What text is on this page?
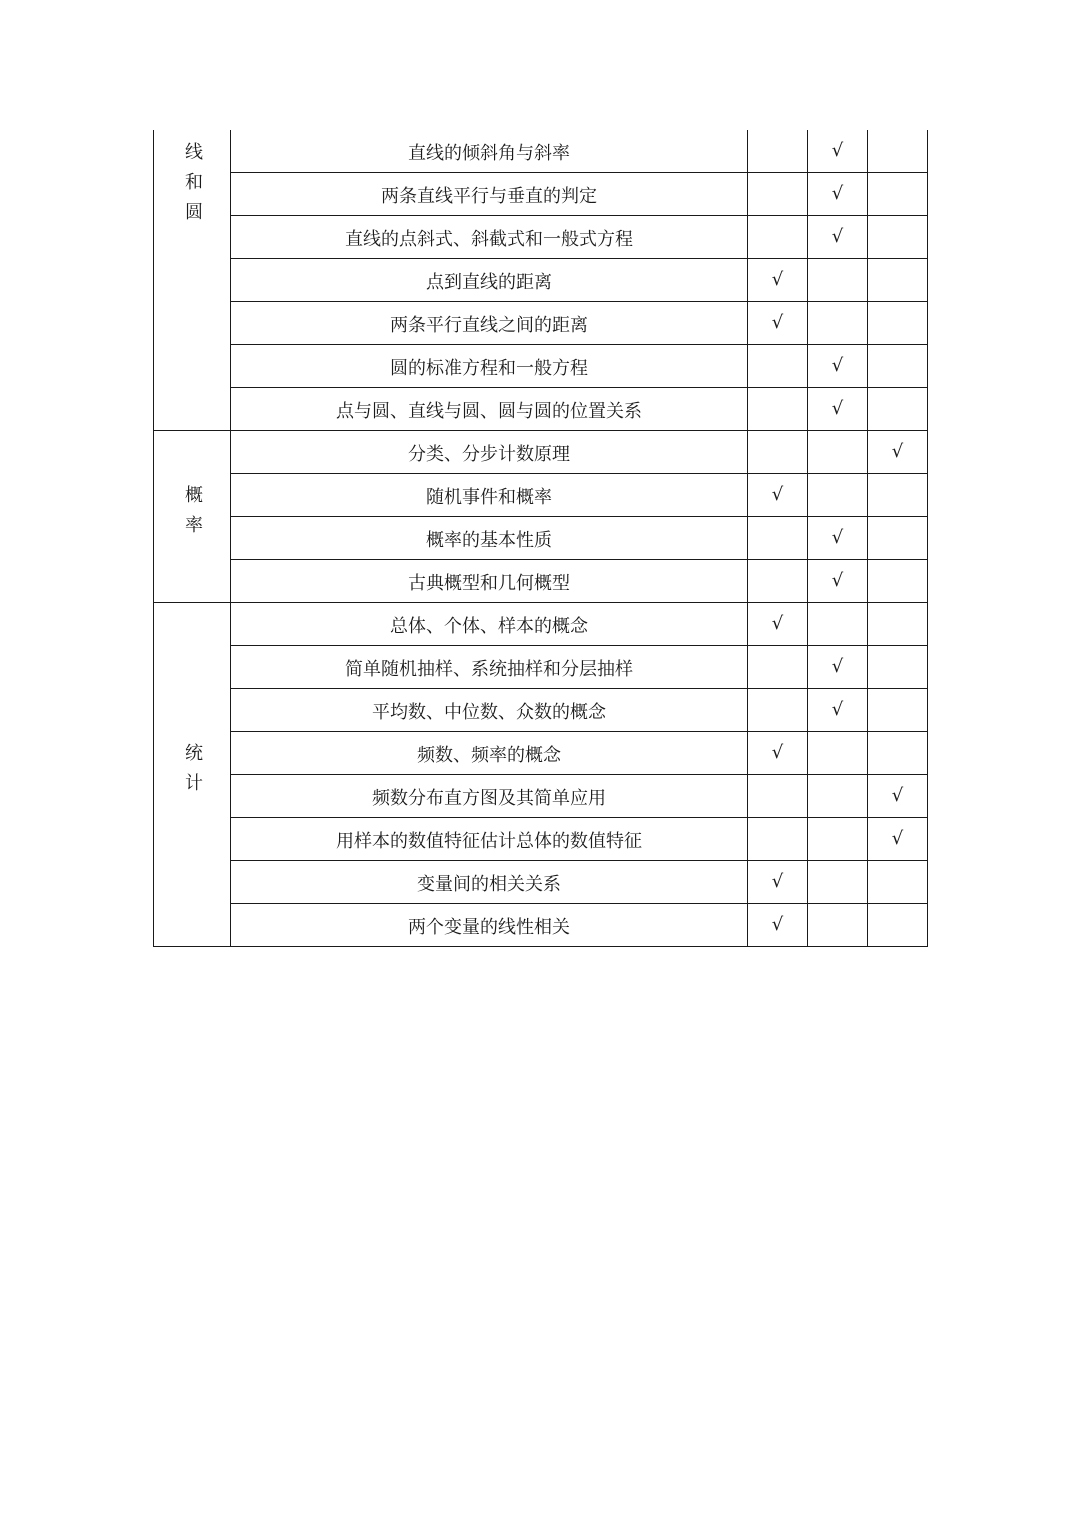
线和圆	直线的倾斜角与斜率		√	
	两条直线平行与垂直的判定		√	
	直线的点斜式、斜截式和一般式方程		√	
	点到直线的距离	√		
	两条平行直线之间的距离	√		
	圆的标准方程和一般方程		√	
	点与圆、直线与圆、圆与圆的位置关系		√	
概率	分类、分步计数原理			√
	随机事件和概率	√		
	概率的基本性质		√	
	古典概型和几何概型		√	
统计	总体、个体、样本的概念	√		
	简单随机抽样、系统抽样和分层抽样		√	
	平均数、中位数、众数的概念		√	
	频数、频率的概念	√		
	频数分布直方图及其简单应用			√
	用样本的数值特征估计总体的数值特征			√
	变量间的相关关系	√		
	两个变量的线性相关	√		
